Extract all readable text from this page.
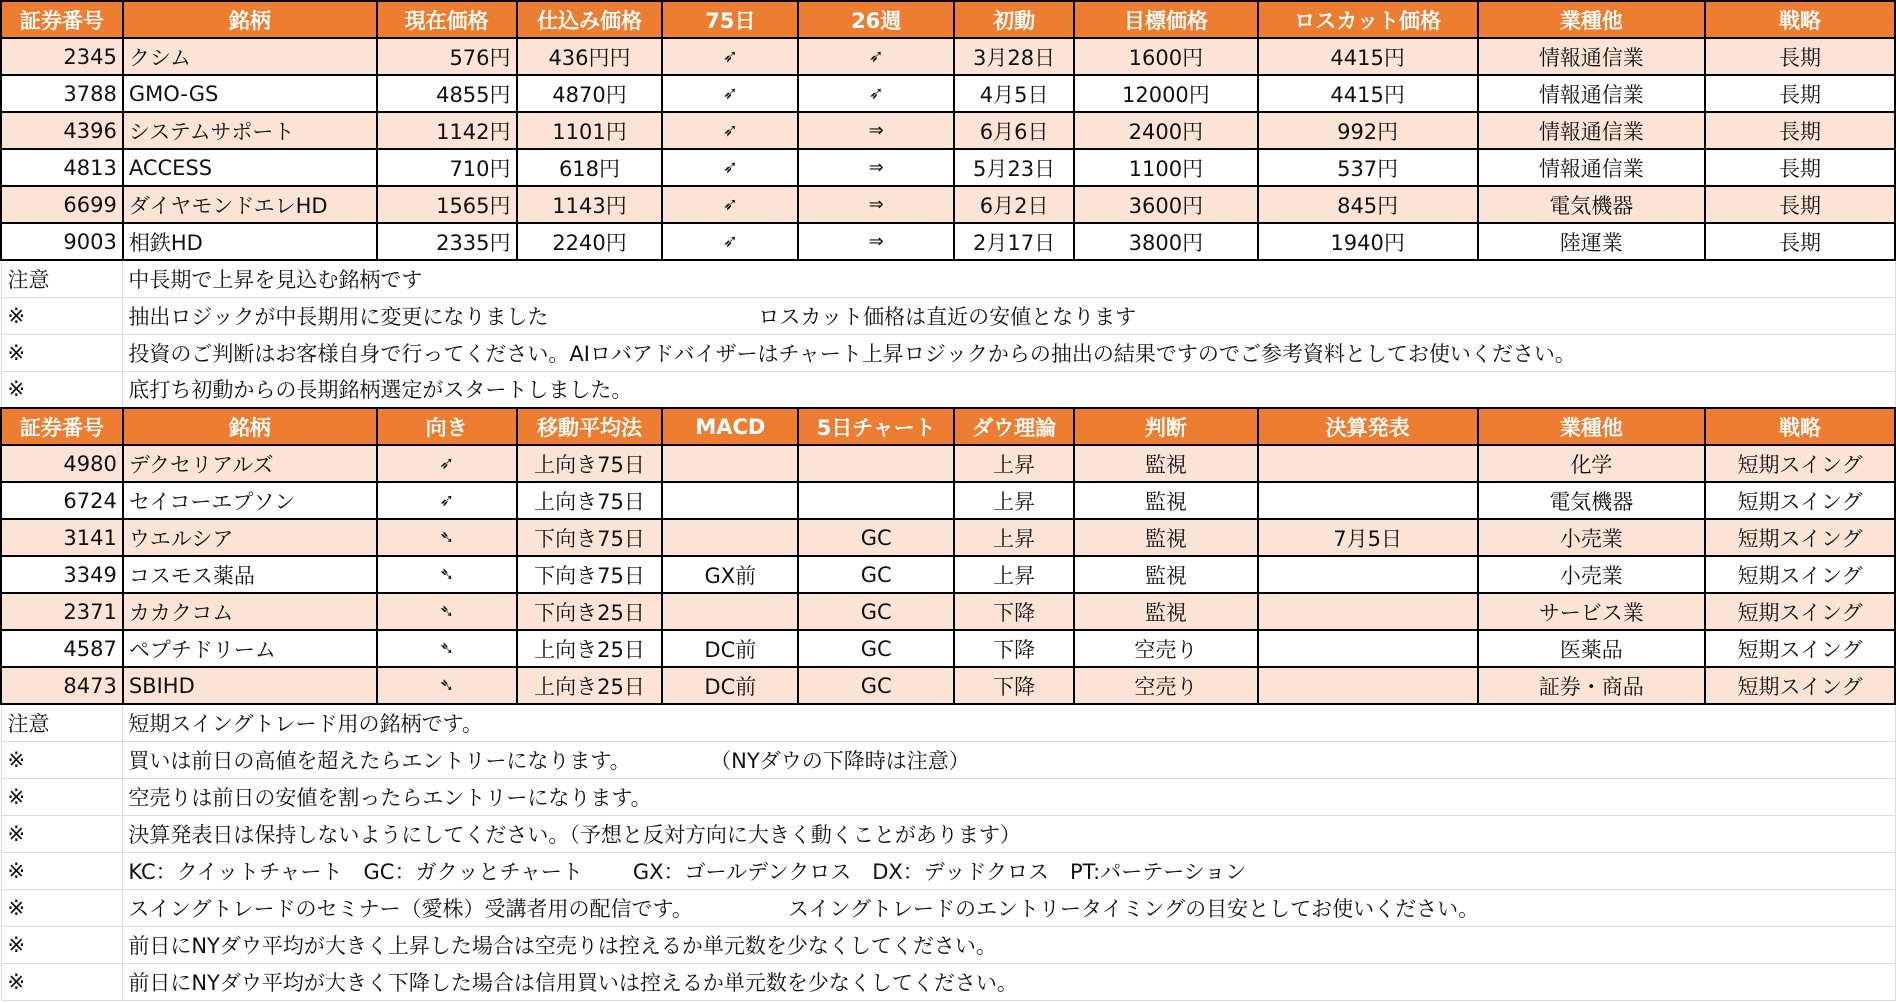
証券番号	銘柄	現在価格	仕込み価格	75日	26週	初動	目標価格	ロスカット価格	業種他	戦略
2345	クシム	576円	436円円	➶	➶	3月28日	1600円	4415円	情報通信業	長期
3788	GMO-GS	4855円	4870円	➶	➶	4月5日	12000円	4415円	情報通信業	長期
4396	システムサポート	1142円	1101円	➶	⇒	6月6日	2400円	992円	情報通信業	長期
4813	ACCESS	710円	618円	➶	⇒	5月23日	1100円	537円	情報通信業	長期
6699	ダイヤモンドエレHD	1565円	1143円	➶	⇒	6月2日	3600円	845円	電気機器	長期
9003	相鉄HD	2335円	2240円	➶	⇒	2月17日	3800円	1940円	陸運業	長期
注意	中長期で上昇を見込む銘柄です									
※	抽出ロジックが中長期用に変更になりました ロスカット価格は直近の安値となります									
※	投資のご判断はお客様自身で行ってください。AIロバアドバイザーはチャート上昇ロジックからの抽出の結果ですのでご参考資料としてお使いください。									
※	底打ち初動からの長期銘柄選定がスタートしました。									
証券番号	銘柄	向き	移動平均法	MACD	5日チャート	ダウ理論	判断	決算発表	業種他	戦略
4980	デクセリアルズ	➶	上向き75日			上昇	監視		化学	短期スイング
6724	セイコーエプソン	➶	上向き75日			上昇	監視		電気機器	短期スイング
3141	ウエルシア	➴	下向き75日		GC	上昇	監視	7月5日	小売業	短期スイング
3349	コスモス薬品	➴	下向き75日	GX前	GC	上昇	監視		小売業	短期スイング
2371	カカクコム	➴	下向き25日		GC	下降	監視		サービス業	短期スイング
4587	ペプチドリーム	➴	上向き25日	DC前	GC	下降	空売り		医薬品	短期スイング
8473	SBIHD	➴	上向き25日	DC前	GC	下降	空売り		証券・商品	短期スイング
注意	短期スイングトレード用の銘柄です。									
※	買いは前日の高値を超えたらエントリーになります。 （NYダウの下降時は注意）									
※	空売りは前日の安値を割ったらエントリーになります。									
※	決算発表日は保持しないようにしてください。（予想と反対方向に大きく動くことがあります）									
※	KC：クイットチャート　GC：ガクッとチャート GX：ゴールデンクロス　DX：デッドクロス　PT:パーテーション									
※	スイングトレードのセミナー（愛株）受講者用の配信です。 スイングトレードのエントリータイミングの目安としてお使いください。									
※	前日にNYダウ平均が大きく上昇した場合は空売りは控えるか単元数を少なくしてください。									
※	前日にNYダウ平均が大きく下降した場合は信用買いは控えるか単元数を少なくしてください。									
